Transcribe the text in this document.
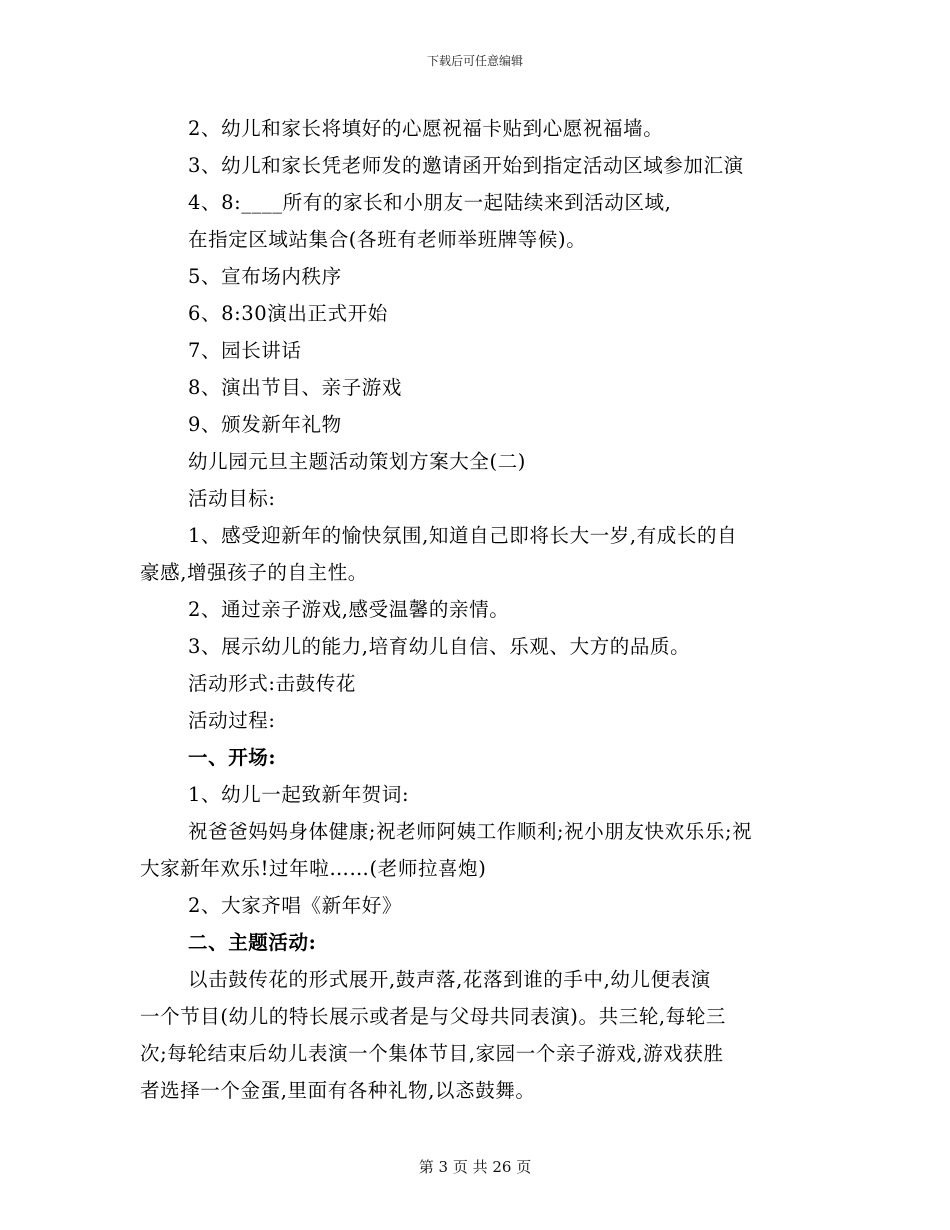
下载后可任意编辑
2、幼儿和家长将填好的心愿祝福卡贴到心愿祝福墙。
3、幼儿和家长凭老师发的邀请函开始到指定活动区域参加汇演
4、8:____所有的家长和小朋友一起陆续来到活动区域,
在指定区域站集合(各班有老师举班牌等候)。
5、宣布场内秩序
6、8:30演出正式开始
7、园长讲话
8、演出节目、亲子游戏
9、颁发新年礼物
幼儿园元旦主题活动策划方案大全(二)
活动目标:
1、感受迎新年的愉快氛围,知道自己即将长大一岁,有成长的自
豪感,增强孩子的自主性。
2、通过亲子游戏,感受温馨的亲情。
3、展示幼儿的能力,培育幼儿自信、乐观、大方的品质。
活动形式:击鼓传花
活动过程:
一、开场:
1、幼儿一起致新年贺词:
祝爸爸妈妈身体健康;祝老师阿姨工作顺利;祝小朋友快欢乐乐;祝
大家新年欢乐!过年啦……(老师拉喜炮)
2、大家齐唱《新年好》
二、主题活动:
以击鼓传花的形式展开,鼓声落,花落到谁的手中,幼儿便表演
一个节目(幼儿的特长展示或者是与父母共同表演)。共三轮,每轮三
次;每轮结束后幼儿表演一个集体节目,家园一个亲子游戏,游戏获胜
者选择一个金蛋,里面有各种礼物,以忞鼓舞。
第 3 页 共 26 页
